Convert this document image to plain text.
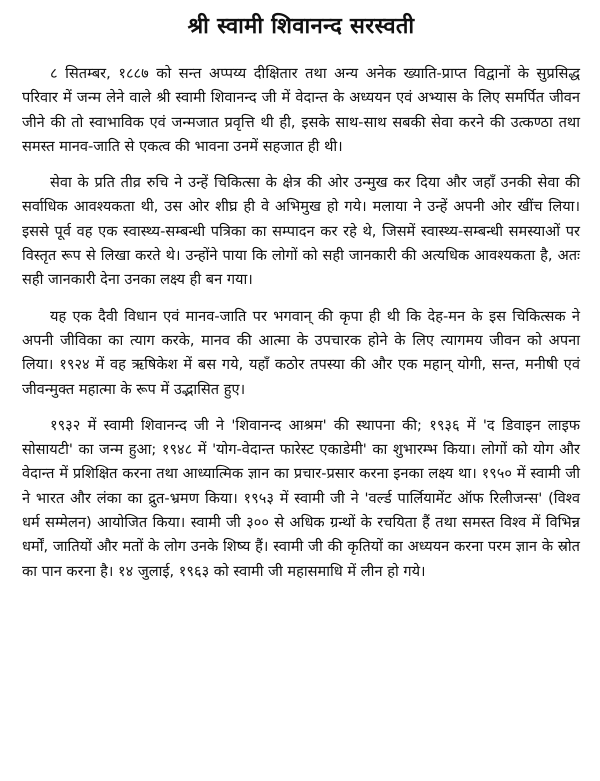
श्री स्वामी शिवानन्द सरस्वती

८ सितम्बर, १८८७ को सन्त अप्पय्य दीक्षितार तथा अन्य अनेक ख्याति-प्राप्त विद्वानों के सुप्रसिद्ध परिवार में जन्म लेने वाले श्री स्वामी शिवानन्द जी में वेदान्त के अध्ययन एवं अभ्यास के लिए समर्पित जीवन जीने की तो स्वाभाविक एवं जन्मजात प्रवृत्ति थी ही, इसके साथ-साथ सबकी सेवा करने की उत्कण्ठा तथा समस्त मानव-जाति से एकत्व की भावना उनमें सहजात ही थी।

सेवा के प्रति तीव्र रुचि ने उन्हें चिकित्सा के क्षेत्र की ओर उन्मुख कर दिया और जहाँ उनकी सेवा की सर्वाधिक आवश्यकता थी, उस ओर शीघ्र ही वे अभिमुख हो गये। मलाया ने उन्हें अपनी ओर खींच लिया। इससे पूर्व वह एक स्वास्थ्य-सम्बन्धी पत्रिका का सम्पादन कर रहे थे, जिसमें स्वास्थ्य-सम्बन्धी समस्याओं पर विस्तृत रूप से लिखा करते थे। उन्होंने पाया कि लोगों को सही जानकारी की अत्यधिक आवश्यकता है, अतः सही जानकारी देना उनका लक्ष्य ही बन गया।

यह एक दैवी विधान एवं मानव-जाति पर भगवान् की कृपा ही थी कि देह-मन के इस चिकित्सक ने अपनी जीविका का त्याग करके, मानव की आत्मा के उपचारक होने के लिए त्यागमय जीवन को अपना लिया। १९२४ में वह ऋषिकेश में बस गये, यहाँ कठोर तपस्या की और एक महान् योगी, सन्त, मनीषी एवं जीवन्मुक्त महात्मा के रूप में उद्भासित हुए।

१९३२ में स्वामी शिवानन्द जी ने 'शिवानन्द आश्रम' की स्थापना की; १९३६ में 'द डिवाइन लाइफ सोसायटी' का जन्म हुआ; १९४८ में 'योग-वेदान्त फारेस्ट एकाडेमी' का शुभारम्भ किया। लोगों को योग और वेदान्त में प्रशिक्षित करना तथा आध्यात्मिक ज्ञान का प्रचार-प्रसार करना इनका लक्ष्य था। १९५० में स्वामी जी ने भारत और लंका का द्रुत-भ्रमण किया। १९५३ में स्वामी जी ने 'वर्ल्ड पार्लियामेंट ऑफ रिलीजन्स' (विश्व धर्म सम्मेलन) आयोजित किया। स्वामी जी ३०० से अधिक ग्रन्थों के रचयिता हैं तथा समस्त विश्व में विभिन्न धर्मों, जातियों और मतों के लोग उनके शिष्य हैं। स्वामी जी की कृतियों का अध्ययन करना परम ज्ञान के स्रोत का पान करना है। १४ जुलाई, १९६३ को स्वामी जी महासमाधि में लीन हो गये।
